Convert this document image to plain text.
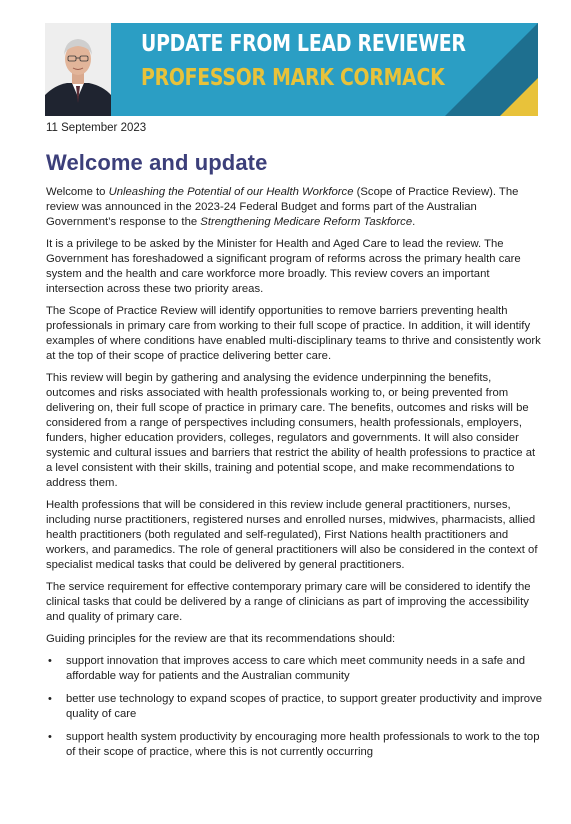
UPDATE FROM LEAD REVIEWER
PROFESSOR MARK CORMACK
11 September 2023
Welcome and update

Welcome to Unleashing the Potential of our Health Workforce (Scope of Practice Review). The review was announced in the 2023-24 Federal Budget and forms part of the Australian Government’s response to the Strengthening Medicare Reform Taskforce.

It is a privilege to be asked by the Minister for Health and Aged Care to lead the review. The Government has foreshadowed a significant program of reforms across the primary health care system and the health and care workforce more broadly. This review covers an important intersection across these two priority areas.

The Scope of Practice Review will identify opportunities to remove barriers preventing health professionals in primary care from working to their full scope of practice. In addition, it will identify examples of where conditions have enabled multi-disciplinary teams to thrive and consistently work at the top of their scope of practice delivering better care.

This review will begin by gathering and analysing the evidence underpinning the benefits, outcomes and risks associated with health professionals working to, or being prevented from delivering on, their full scope of practice in primary care. The benefits, outcomes and risks will be considered from a range of perspectives including consumers, health professionals, employers, funders, higher education providers, colleges, regulators and governments. It will also consider systemic and cultural issues and barriers that restrict the ability of health professions to practice at a level consistent with their skills, training and potential scope, and make recommendations to address them.

Health professions that will be considered in this review include general practitioners, nurses, including nurse practitioners, registered nurses and enrolled nurses, midwives, pharmacists, allied health practitioners (both regulated and self-regulated), First Nations health practitioners and workers, and paramedics. The role of general practitioners will also be considered in the context of specialist medical tasks that could be delivered by general practitioners.

The service requirement for effective contemporary primary care will be considered to identify the clinical tasks that could be delivered by a range of clinicians as part of improving the accessibility and quality of primary care.

Guiding principles for the review are that its recommendations should:

• support innovation that improves access to care which meet community needs in a safe and affordable way for patients and the Australian community
• better use technology to expand scopes of practice, to support greater productivity and improve quality of care
• support health system productivity by encouraging more health professionals to work to the top of their scope of practice, where this is not currently occurring
